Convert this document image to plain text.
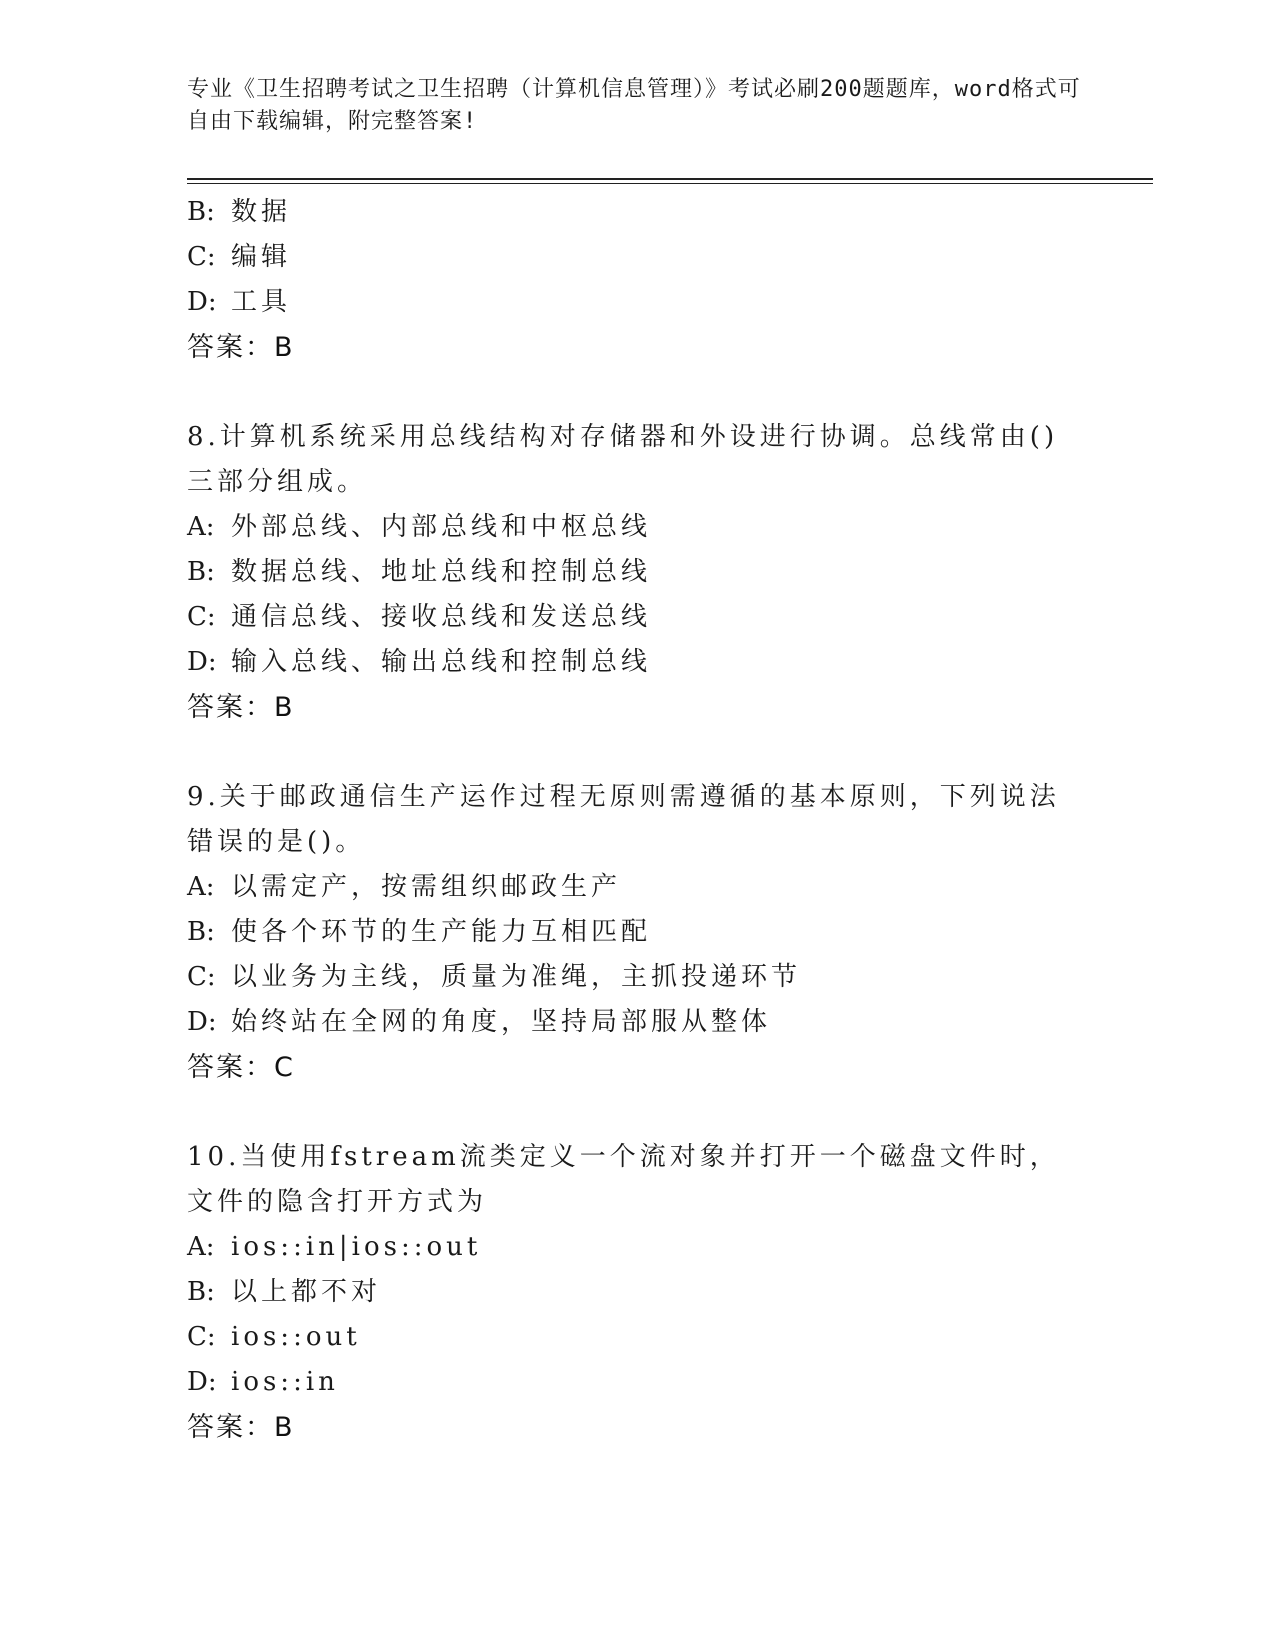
专业《卫生招聘考试之卫生招聘（计算机信息管理）》考试必刷200题题库，word格式可自由下载编辑，附完整答案!
B: 数据
C: 编辑
D: 工具
答案：B
8.计算机系统采用总线结构对存储器和外设进行协调。总线常由()三部分组成。
A: 外部总线、内部总线和中枢总线
B: 数据总线、地址总线和控制总线
C: 通信总线、接收总线和发送总线
D: 输入总线、输出总线和控制总线
答案：B
9.关于邮政通信生产运作过程无原则需遵循的基本原则，下列说法错误的是()。
A: 以需定产，按需组织邮政生产
B: 使各个环节的生产能力互相匹配
C: 以业务为主线，质量为准绳，主抓投递环节
D: 始终站在全网的角度，坚持局部服从整体
答案：C
10.当使用fstream流类定义一个流对象并打开一个磁盘文件时，文件的隐含打开方式为
A: ios::in|ios::out
B: 以上都不对
C: ios::out
D: ios::in
答案：B
